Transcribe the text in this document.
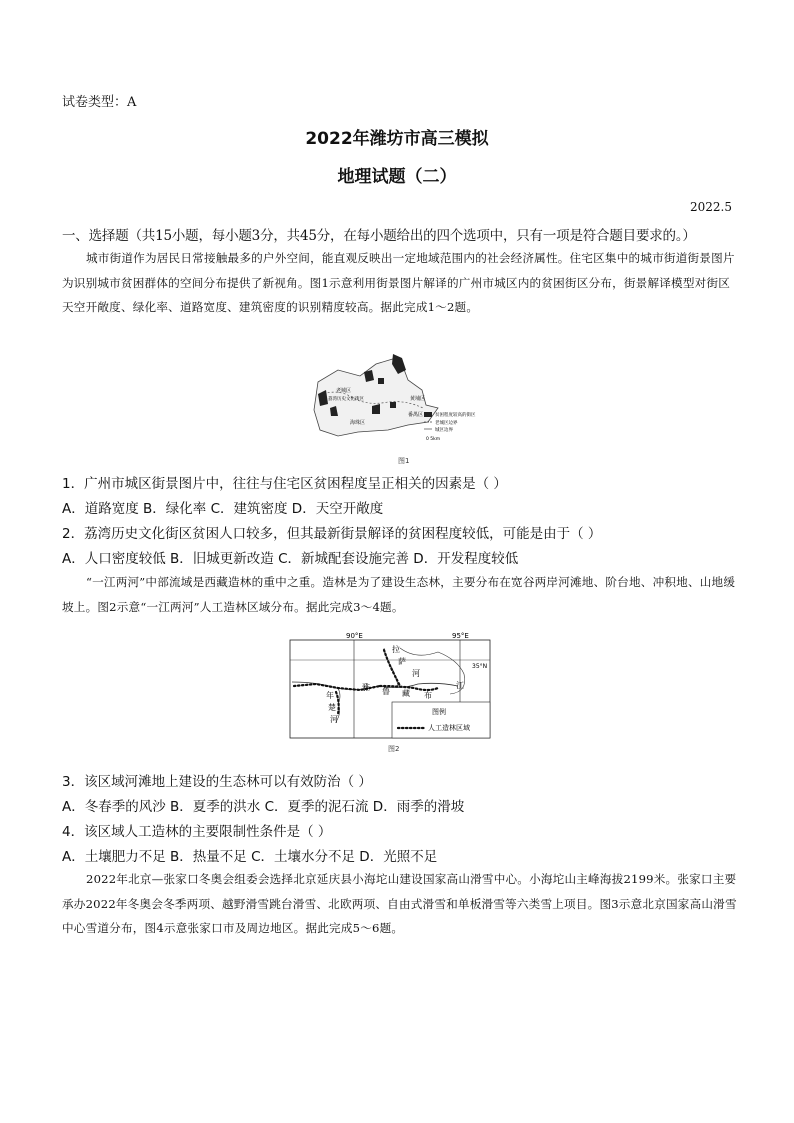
试卷类型：A
2022年潍坊市高三模拟
地理试题（二）
2022.5
一、选择题（共15小题，每小题3分，共45分，在每小题给出的四个选项中，只有一项是符合题目要求的。）
城市街道作为居民日常接触最多的户外空间，能直观反映出一定地域范围内的社会经济属性。住宅区集中的城市街道街景图片为识别城市贫困群体的空间分布提供了新视角。图1示意利用街景图片解译的广州市城区内的贫困街区分布，街景解译模型对街区天空开敞度、绿化率、道路宽度、建筑密度的识别精度较高。据此完成1～2题。
老城区
荔湾历史文化街区
海珠区
番禺区
黄埔区
贫困程度较高的街区
老城区边界
城区边界
0 5km
图1
1．广州市城区街景图片中，往往与住宅区贫困程度呈正相关的因素是（ ）
A．道路宽度 B．绿化率 C．建筑密度 D．天空开敞度
2．荔湾历史文化街区贫困人口较多，但其最新街景解译的贫困程度较低，可能是由于（ ）
A．人口密度较低 B．旧城更新改造 C．新城配套设施完善 D．开发程度较低
“一江两河”中部流域是西藏造林的重中之重。造林是为了建设生态林，主要分布在宽谷两岸河滩地、阶台地、冲积地、山地缓坡上。图2示意“一江两河”人工造林区域分布。据此完成3～4题。
90°E	95°E
35°N
拉
萨
河
雅 鲁 藏 布
江
年
楚
河
图例
人工造林区域
图2
3．该区域河滩地上建设的生态林可以有效防治（ ）
A．冬春季的风沙 B．夏季的洪水 C．夏季的泥石流 D．雨季的滑坡
4．该区域人工造林的主要限制性条件是（ ）
A．土壤肥力不足 B．热量不足 C．土壤水分不足 D．光照不足
2022年北京—张家口冬奥会组委会选择北京延庆县小海坨山建设国家高山滑雪中心。小海坨山主峰海拔2199米。张家口主要承办2022年冬奥会冬季两项、越野滑雪跳台滑雪、北欧两项、自由式滑雪和单板滑雪等六类雪上项目。图3示意北京国家高山滑雪中心雪道分布，图4示意张家口市及周边地区。据此完成5～6题。
